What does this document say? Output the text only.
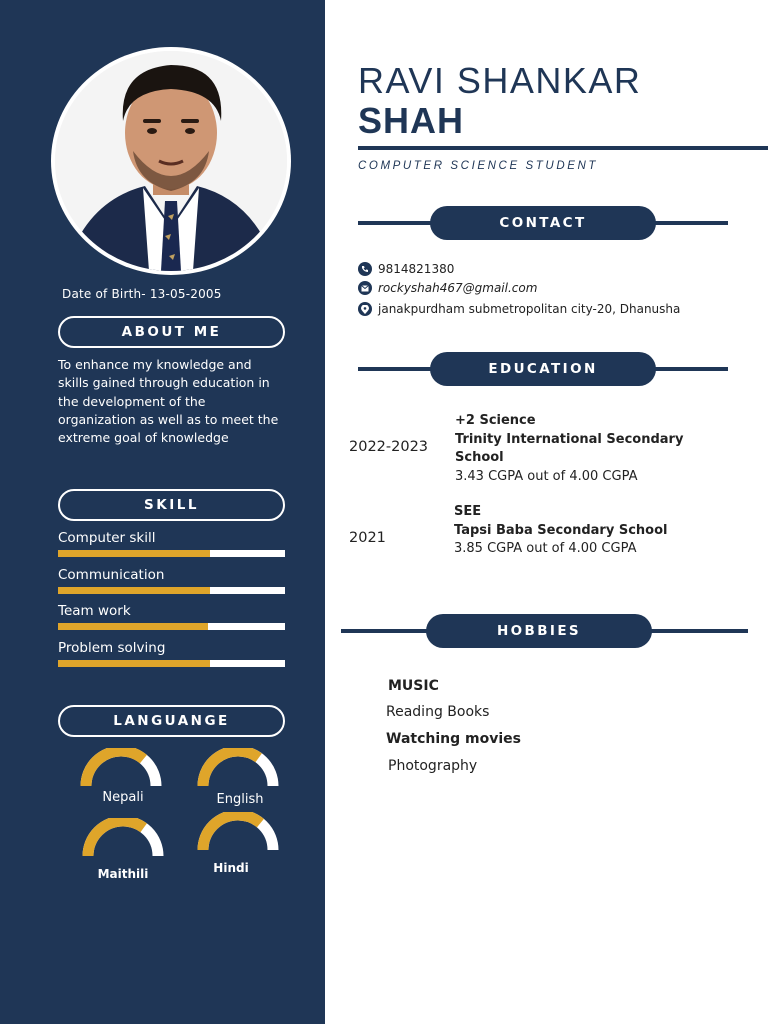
Date of Birth- 13-05-2005
ABOUT ME
To enhance my knowledge and skills gained through education in the development of the organization as well as to meet the extreme goal of knowledge
SKILL
Computer skill
Communication
Team work
Problem solving
LANGUANGE
Nepali	English
Maithili	Hindi
RAVI SHANKAR
SHAH
COMPUTER SCIENCE STUDENT
CONTACT
9814821380
rockyshah467@gmail.com
janakpurdham submetropolitan city-20, Dhanusha
EDUCATION
2022-2023
+2 Science
Trinity International Secondary School
3.43 CGPA out of 4.00 CGPA
2021
SEE
Tapsi Baba Secondary School
3.85 CGPA out of 4.00 CGPA
HOBBIES
MUSIC
Reading Books
Watching movies
Photography
